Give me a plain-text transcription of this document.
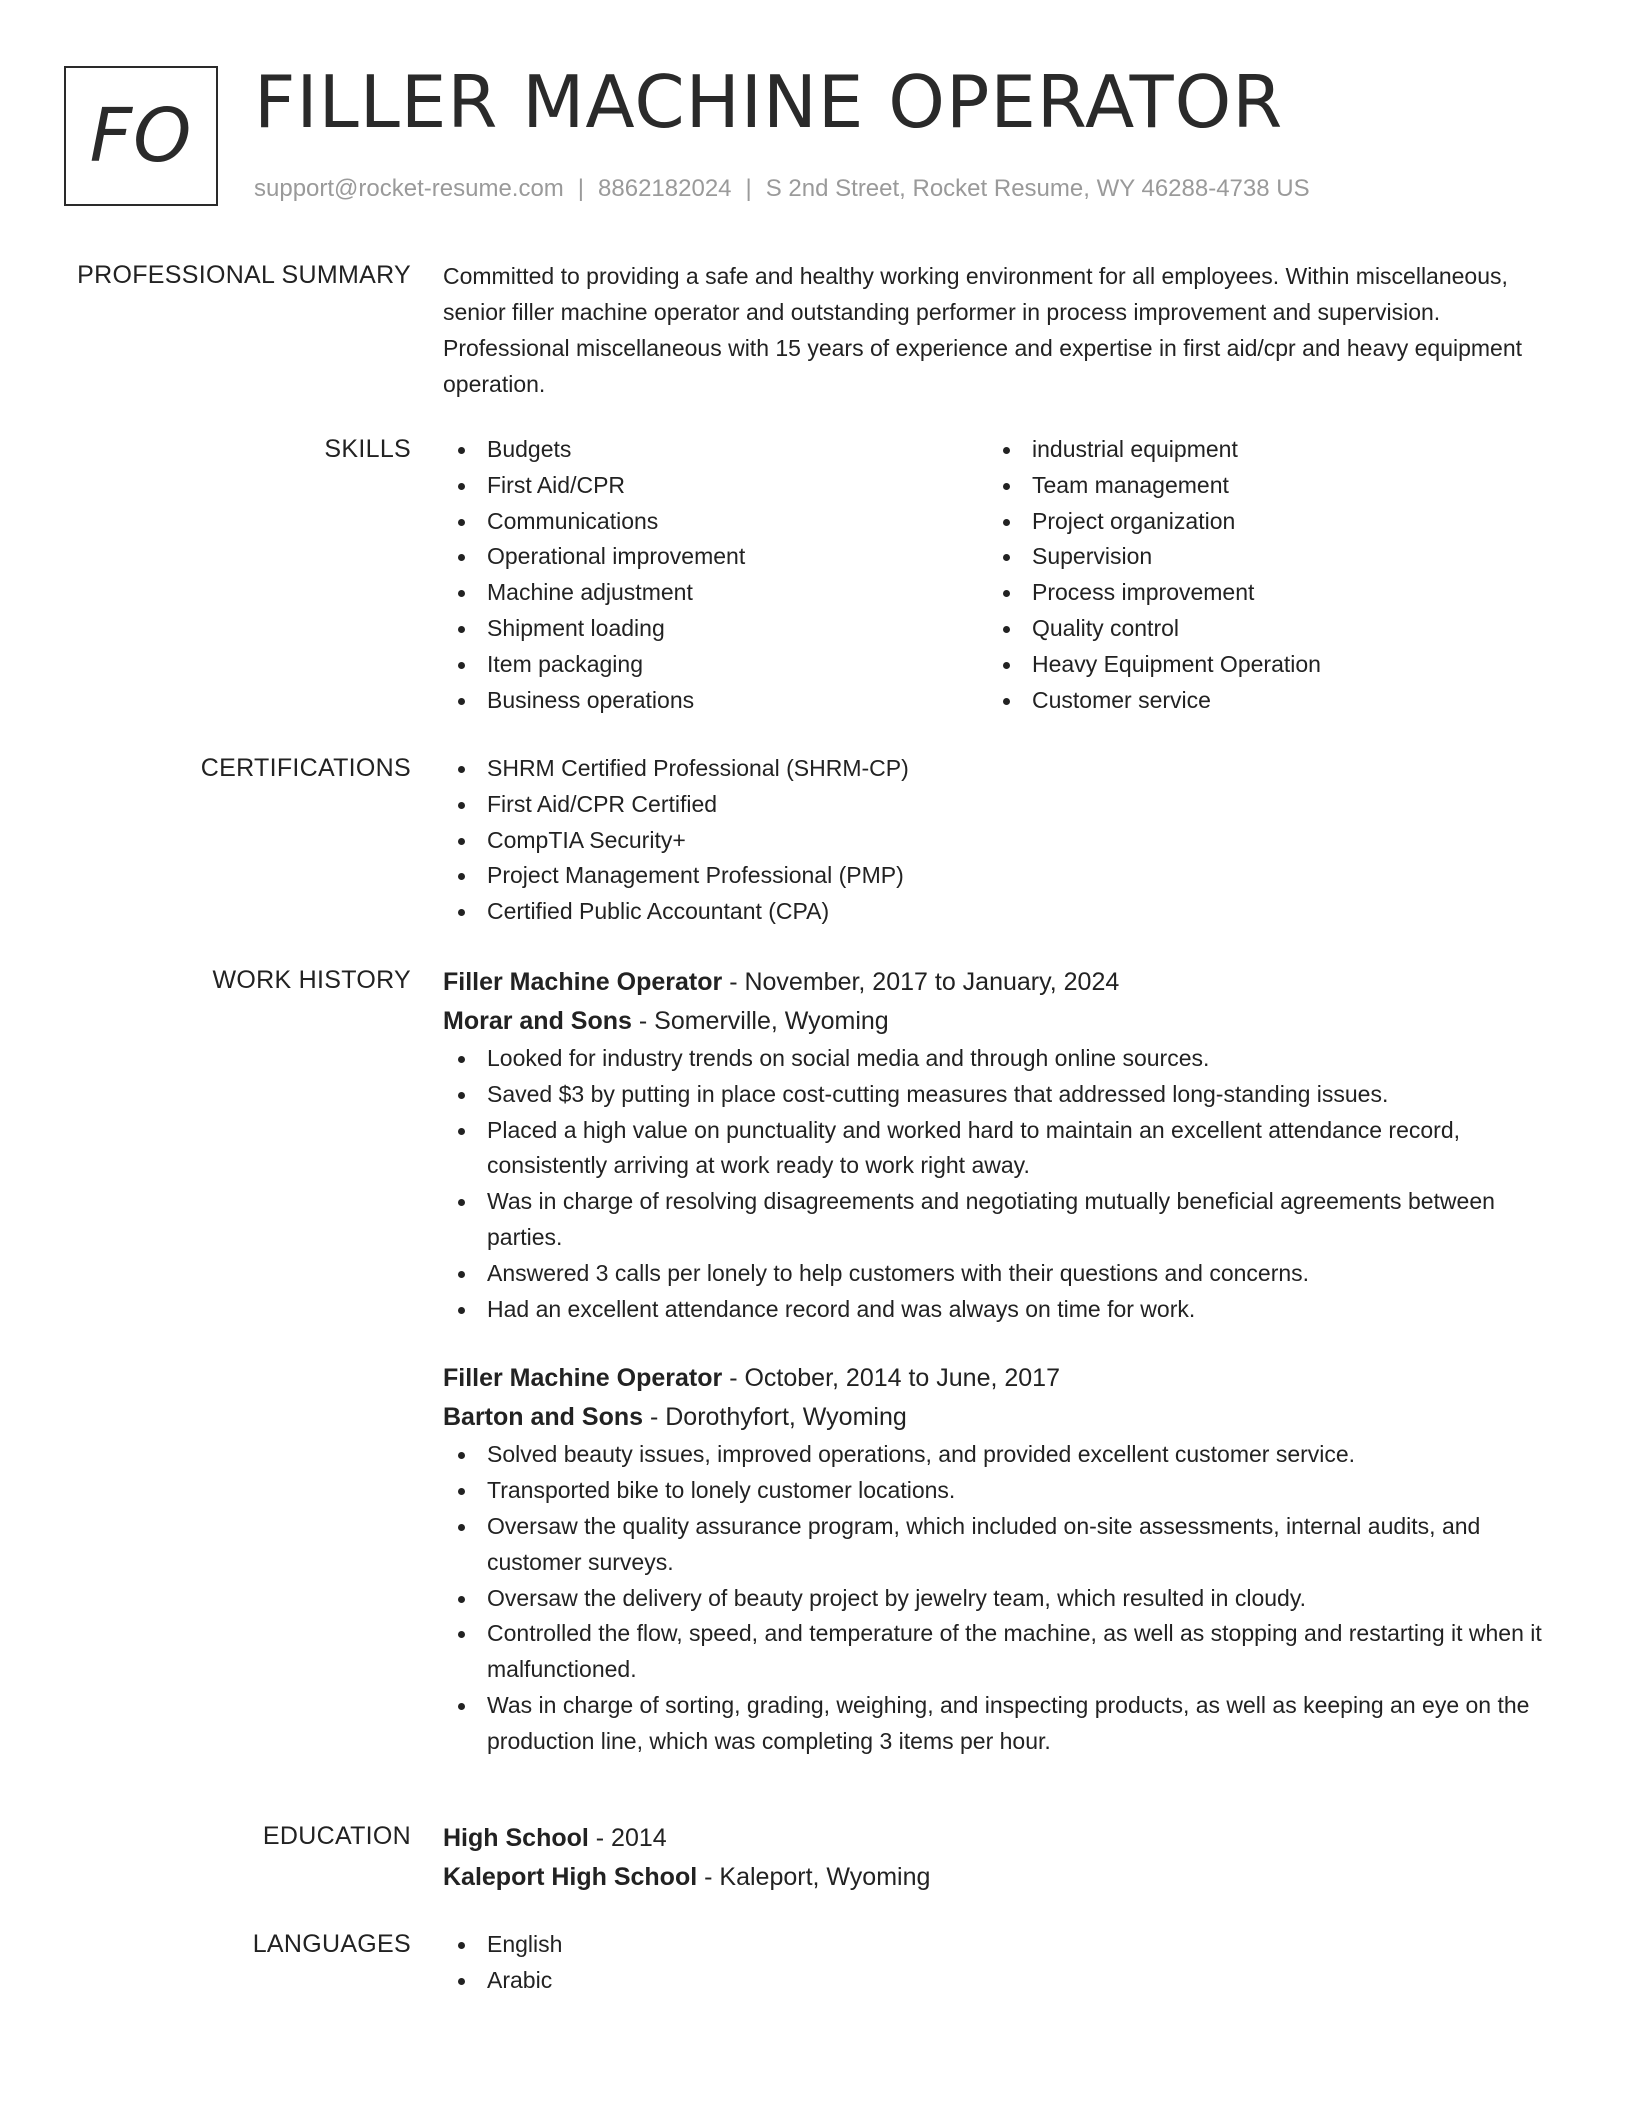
FO FILLER MACHINE OPERATOR
support@rocket-resume.com | 8862182024 | S 2nd Street, Rocket Resume, WY 46288-4738 US
PROFESSIONAL SUMMARY Committed to providing a safe and healthy working environment for all employees. Within miscellaneous, senior filler machine operator and outstanding performer in process improvement and supervision. Professional miscellaneous with 15 years of experience and expertise in first aid/cpr and heavy equipment operation.

SKILLS	Budgets
First Aid/CPR
Communications
Operational improvement
Machine adjustment
Shipment loading
Item packaging
Business operations
industrial equipment
Team management
Project organization
Supervision
Process improvement
Quality control
Heavy Equipment Operation
Customer service
CERTIFICATIONS	SHRM Certified Professional (SHRM-CP)
First Aid/CPR Certified
CompTIA Security+
Project Management Professional (PMP)
Certified Public Accountant (CPA)
WORK HISTORY Filler Machine Operator - November, 2017 to January, 2024
Morar and Sons - Somerville, Wyoming
Looked for industry trends on social media and through online sources.
Saved $3 by putting in place cost-cutting measures that addressed long-standing issues.
Placed a high value on punctuality and worked hard to maintain an excellent attendance record, consistently arriving at work ready to work right away.
Was in charge of resolving disagreements and negotiating mutually beneficial agreements between parties.
Answered 3 calls per lonely to help customers with their questions and concerns.
Had an excellent attendance record and was always on time for work.
Filler Machine Operator - October, 2014 to June, 2017
Barton and Sons - Dorothyfort, Wyoming
Solved beauty issues, improved operations, and provided excellent customer service.
Transported bike to lonely customer locations.
Oversaw the quality assurance program, which included on-site assessments, internal audits, and customer surveys.
Oversaw the delivery of beauty project by jewelry team, which resulted in cloudy.
Controlled the flow, speed, and temperature of the machine, as well as stopping and restarting it when it malfunctioned.
Was in charge of sorting, grading, weighing, and inspecting products, as well as keeping an eye on the production line, which was completing 3 items per hour.
EDUCATION High School - 2014
Kaleport High School - Kaleport, Wyoming
LANGUAGES	English
Arabic
